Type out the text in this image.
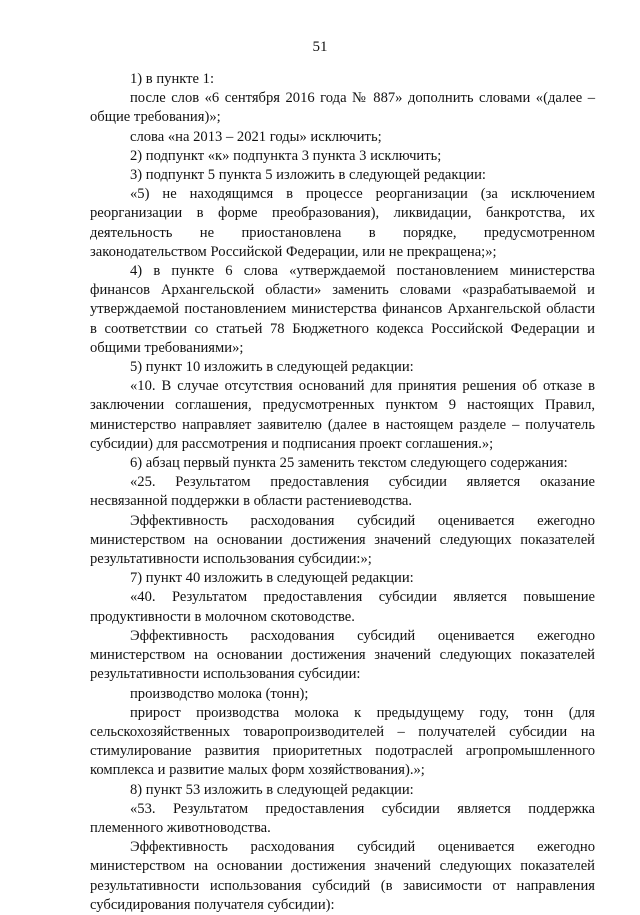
51

1) в пункте 1:

после слов «6 сентября 2016 года № 887» дополнить словами «(далее – общие требования)»;

слова «на 2013 – 2021 годы» исключить;

2) подпункт «к» подпункта 3 пункта 3 исключить;

3) подпункт 5 пункта 5 изложить в следующей редакции:

«5) не находящимся в процессе реорганизации (за исключением реорганизации в форме преобразования), ликвидации, банкротства, их деятельность не приостановлена в порядке, предусмотренном законодательством Российской Федерации, или не прекращена;»;

4) в пункте 6 слова «утверждаемой постановлением министерства финансов Архангельской области» заменить словами «разрабатываемой и утверждаемой постановлением министерства финансов Архангельской области в соответствии со статьей 78 Бюджетного кодекса Российской Федерации и общими требованиями»;

5) пункт 10 изложить в следующей редакции:

«10. В случае отсутствия оснований для принятия решения об отказе в заключении соглашения, предусмотренных пунктом 9 настоящих Правил, министерство направляет заявителю (далее в настоящем разделе – получатель субсидии) для рассмотрения и подписания проект соглашения.»;

6) абзац первый пункта 25 заменить текстом следующего содержания:

«25. Результатом предоставления субсидии является оказание несвязанной поддержки в области растениеводства.

Эффективность расходования субсидий оценивается ежегодно министерством на основании достижения значений следующих показателей результативности использования субсидии:»;

7) пункт 40 изложить в следующей редакции:

«40. Результатом предоставления субсидии является повышение продуктивности в молочном скотоводстве.

Эффективность расходования субсидий оценивается ежегодно министерством на основании достижения значений следующих показателей результативности использования субсидии:

производство молока (тонн);

прирост производства молока к предыдущему году, тонн (для сельскохозяйственных товаропроизводителей – получателей субсидии на стимулирование развития приоритетных подотраслей агропромышленного комплекса и развитие малых форм хозяйствования).»;

8) пункт 53 изложить в следующей редакции:

«53. Результатом предоставления субсидии является поддержка племенного животноводства.

Эффективность расходования субсидий оценивается ежегодно министерством на основании достижения значений следующих показателей результативности использования субсидий (в зависимости от направления субсидирования получателя субсидии):
